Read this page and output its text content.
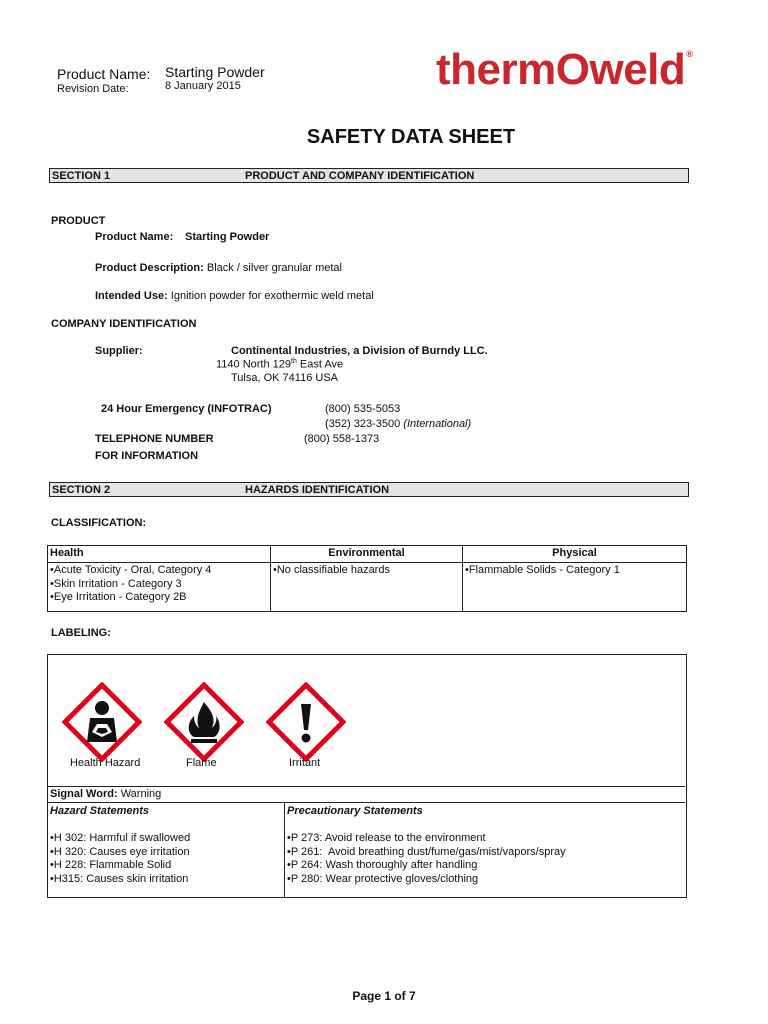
Product Name: Starting Powder
Revision Date:	8 January 2015	thermOweld®
SAFETY DATA SHEET
SECTION 1	PRODUCT AND COMPANY IDENTIFICATION
PRODUCT
Product Name: Starting Powder
Product Description: Black / silver granular metal
Intended Use: Ignition powder for exothermic weld metal
COMPANY IDENTIFICATION
Supplier:	Continental Industries, a Division of Burndy LLC.
1140 North 129th East Ave
Tulsa, OK 74116 USA
24 Hour Emergency (INFOTRAC)	(800) 535-5053
(352) 323-3500 (International)
TELEPHONE NUMBER
FOR INFORMATION
(800) 558-1373
SECTION 2	HAZARDS IDENTIFICATION
CLASSIFICATION:
Health	Environmental	Physical

•Acute Toxicity - Oral, Category 4
•Skin Irritation - Category 3
•Eye Irritation - Category 2B	•No classifiable hazards	•Flammable Solids - Category 1
LABELING:
Health Hazard	Flame	Irritant
Signal Word: Warning
Hazard Statements
•H 302: Harmful if swallowed
•H 320: Causes eye irritation
•H 228: Flammable Solid
•H315: Causes skin irritation
Precautionary Statements
•P 273: Avoid release to the environment
•P 261:  Avoid breathing dust/fume/gas/mist/vapors/spray
•P 264: Wash thoroughly after handling
•P 280: Wear protective gloves/clothing
Page 1 of 7
